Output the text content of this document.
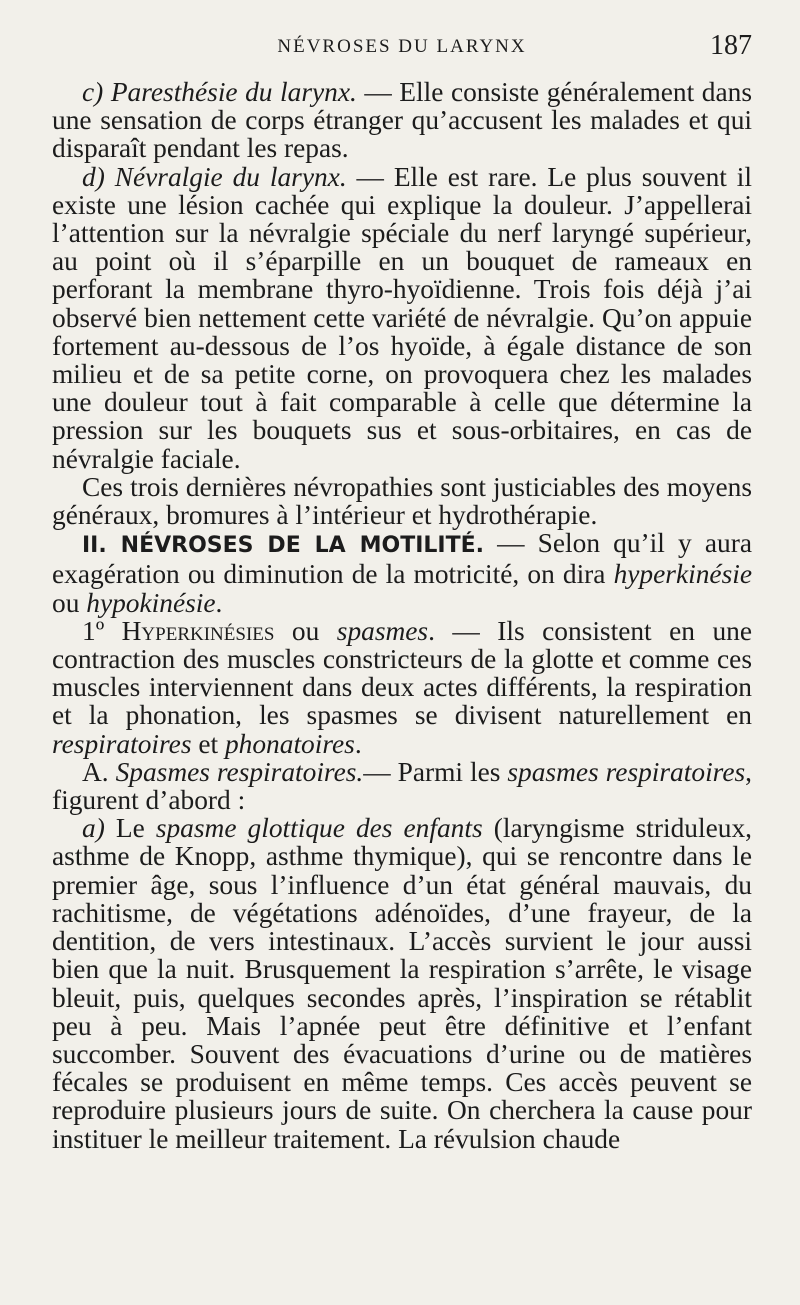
NÉVROSES DU LARYNX	187

c) Paresthésie du larynx. — Elle consiste généralement dans une sensation de corps étranger qu’accusent les malades et qui disparaît pendant les repas.

d) Névralgie du larynx. — Elle est rare. Le plus souvent il existe une lésion cachée qui explique la douleur. J’appellerai l’attention sur la névralgie spéciale du nerf laryngé supérieur, au point où il s’éparpille en un bouquet de rameaux en perforant la membrane thyro-hyoïdienne. Trois fois déjà j’ai observé bien nettement cette variété de névralgie. Qu’on appuie fortement au-dessous de l’os hyoïde, à égale distance de son milieu et de sa petite corne, on provoquera chez les malades une douleur tout à fait comparable à celle que détermine la pression sur les bouquets sus et sous-orbitaires, en cas de névralgie faciale.

Ces trois dernières névropathies sont justiciables des moyens généraux, bromures à l’intérieur et hydrothérapie.

II. NÉVROSES DE LA MOTILITÉ. — Selon qu’il y aura exagération ou diminution de la motricité, on dira hyperkinésie ou hypokinésie.

1º Hyperkinésies ou spasmes. — Ils consistent en une contraction des muscles constricteurs de la glotte et comme ces muscles interviennent dans deux actes différents, la respiration et la phonation, les spasmes se divisent naturellement en respiratoires et phonatoires.

A. Spasmes respiratoires.— Parmi les spasmes respiratoires, figurent d’abord :

a) Le spasme glottique des enfants (laryngisme striduleux, asthme de Knopp, asthme thymique), qui se rencontre dans le premier âge, sous l’influence d’un état général mauvais, du rachitisme, de végétations adénoïdes, d’une frayeur, de la dentition, de vers intestinaux. L’accès survient le jour aussi bien que la nuit. Brusquement la respiration s’arrête, le visage bleuit, puis, quelques secondes après, l’inspiration se rétablit peu à peu. Mais l’apnée peut être définitive et l’enfant succomber. Souvent des évacuations d’urine ou de matières fécales se produisent en même temps. Ces accès peuvent se reproduire plusieurs jours de suite. On cherchera la cause pour instituer le meilleur traitement. La révulsion chaude
